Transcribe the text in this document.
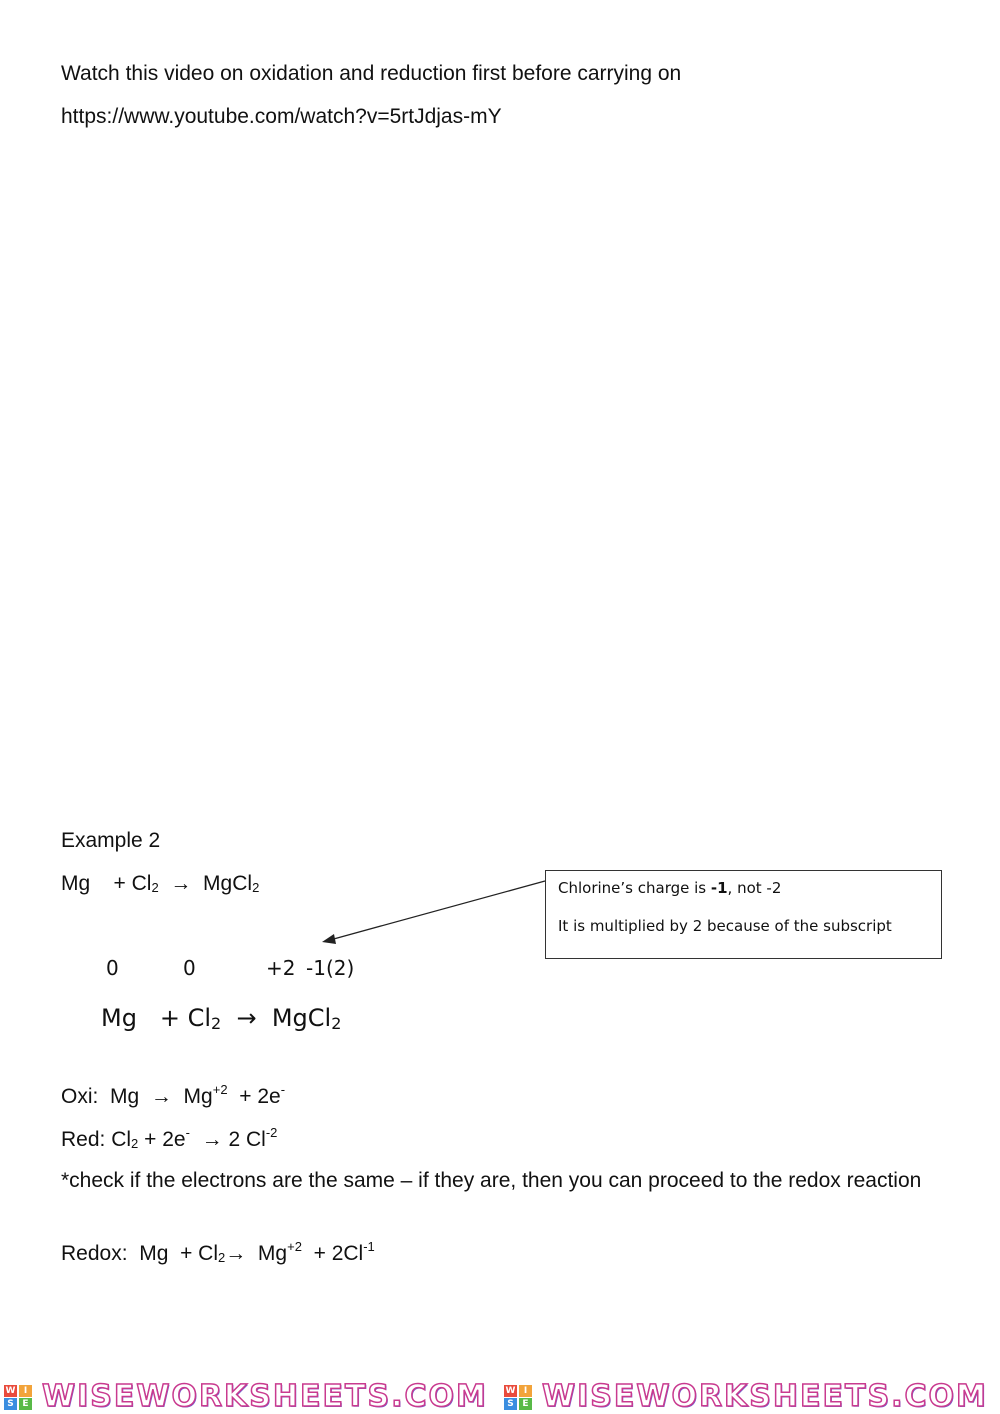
Watch this video on oxidation and reduction first before carrying on
https://www.youtube.com/watch?v=5rtJdjas-mY
Example 2
$Mg + Cl_2$ → MgCl$_2$	Chlorine’s charge is -1, not -2
It is multiplied by 2 because of the subscript
0	0	+2 -1(2)
$Mg + Cl_2$ → MgCl$_2$
Oxi: $Mg \to Mg^{+2} + 2e^-$
Red: $Cl_2 + 2e^- \to 2$ $Cl^{-2}$
*check if the electrons are the same – if they are, then you can proceed to the redox reaction
Redox: $Mg + Cl_2\to Mg^{+2} + 2Cl^{-1}$
W I
S E WISEWORKSHEETS.COM W I
S E WISEWORKSHEETS.COM
